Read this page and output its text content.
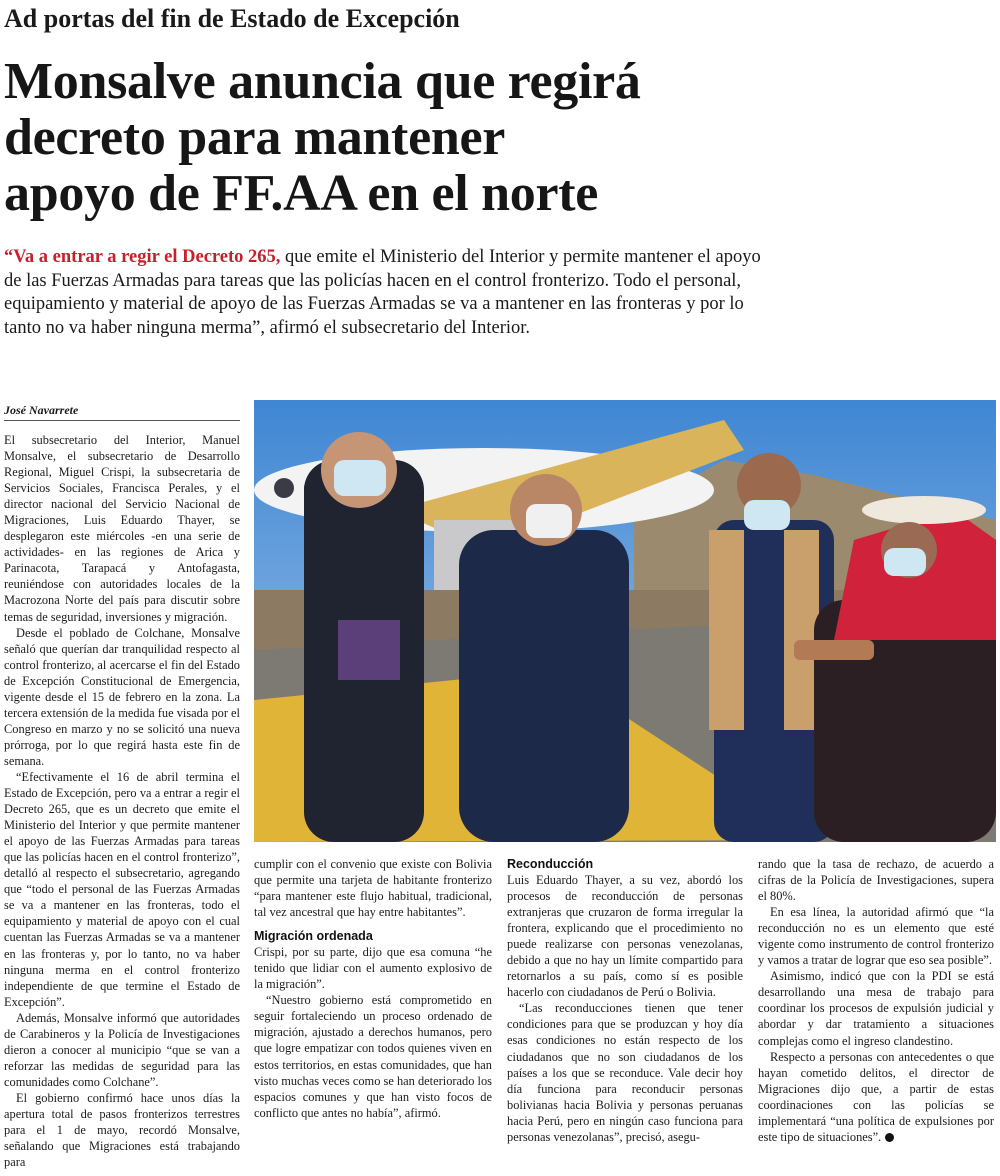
Ad portas del fin de Estado de Excepción
Monsalve anuncia que regirá
decreto para mantener
apoyo de FF.AA en el norte

“Va a entrar a regir el Decreto 265, que emite el Ministerio del Interior y permite mantener el apoyo de las Fuerzas Armadas para tareas que las policías hacen en el control fronterizo. Todo el personal, equipamiento y material de apoyo de las Fuerzas Armadas se va a mantener en las fronteras y por lo tanto no va haber ninguna merma”, afirmó el subsecretario del Interior.

José Navarrete

El subsecretario del Interior, Manuel Monsalve, el subsecretario de Desarrollo Regional, Miguel Crispi, la subsecretaria de Servicios Sociales, Francisca Perales, y el director nacional del Servicio Nacional de Migraciones, Luis Eduardo Thayer, se desplegaron este miércoles -en una serie de actividades- en las regiones de Arica y Parinacota, Tarapacá y Antofagasta, reuniéndose con autoridades locales de la Macrozona Norte del país para discutir sobre temas de seguridad, inversiones y migración.

Desde el poblado de Colchane, Monsalve señaló que querían dar tranquilidad respecto al control fronterizo, al acercarse el fin del Estado de Excepción Constitucional de Emergencia, vigente desde el 15 de febrero en la zona. La tercera extensión de la medida fue visada por el Congreso en marzo y no se solicitó una nueva prórroga, por lo que regirá hasta este fin de semana.

“Efectivamente el 16 de abril termina el Estado de Excepción, pero va a entrar a regir el Decreto 265, que es un decreto que emite el Ministerio del Interior y que permite mantener el apoyo de las Fuerzas Armadas para tareas que las policías hacen en el control fronterizo”, detalló al respecto el subsecretario, agregando que “todo el personal de las Fuerzas Armadas se va a mantener en las fronteras, todo el equipamiento y material de apoyo con el cual cuentan las Fuerzas Armadas se va a mantener en las fronteras y, por lo tanto, no va haber ninguna merma en el control fronterizo independiente de que termine el Estado de Excepción”.

Además, Monsalve informó que autoridades de Carabineros y la Policía de Investigaciones dieron a conocer al municipio “que se van a reforzar las medidas de seguridad para las comunidades como Colchane”.

El gobierno confirmó hace unos días la apertura total de pasos fronterizos terrestres para el 1 de mayo, recordó Monsalve, señalando que Migraciones está trabajando para

cumplir con el convenio que existe con Bolivia que permite una tarjeta de habitante fronterizo “para mantener este flujo habitual, tradicional, tal vez ancestral que hay entre habitantes”.

Migración ordenada

Crispi, por su parte, dijo que esa comuna “he tenido que lidiar con el aumento explosivo de la migración”.

“Nuestro gobierno está comprometido en seguir fortaleciendo un proceso ordenado de migración, ajustado a derechos humanos, pero que logre empatizar con todos quienes viven en estos territorios, en estas comunidades, que han visto muchas veces como se han deteriorado los espacios comunes y que han visto focos de conflicto que antes no había”, afirmó.

Reconducción

Luis Eduardo Thayer, a su vez, abordó los procesos de reconducción de personas extranjeras que cruzaron de forma irregular la frontera, explicando que el procedimiento no puede realizarse con personas venezolanas, debido a que no hay un límite compartido para retornarlos a su país, como sí es posible hacerlo con ciudadanos de Perú o Bolivia.

“Las reconducciones tienen que tener condiciones para que se produzcan y hoy día esas condiciones no están respecto de los ciudadanos que no son ciudadanos de los países a los que se reconduce. Vale decir hoy día funciona para reconducir personas bolivianas hacia Bolivia y personas peruanas hacia Perú, pero en ningún caso funciona para personas venezolanas”, precisó, asegu-

rando que la tasa de rechazo, de acuerdo a cifras de la Policía de Investigaciones, supera el 80%.

En esa línea, la autoridad afirmó que “la reconducción no es un elemento que esté vigente como instrumento de control fronterizo y vamos a tratar de lograr que eso sea posible”.

Asimismo, indicó que con la PDI se está desarrollando una mesa de trabajo para coordinar los procesos de expulsión judicial y abordar y dar tratamiento a situaciones complejas como el ingreso clandestino.

Respecto a personas con antecedentes o que hayan cometido delitos, el director de Migraciones dijo que, a partir de estas coordinaciones con las policías se implementará “una política de expulsiones por este tipo de situaciones”.
